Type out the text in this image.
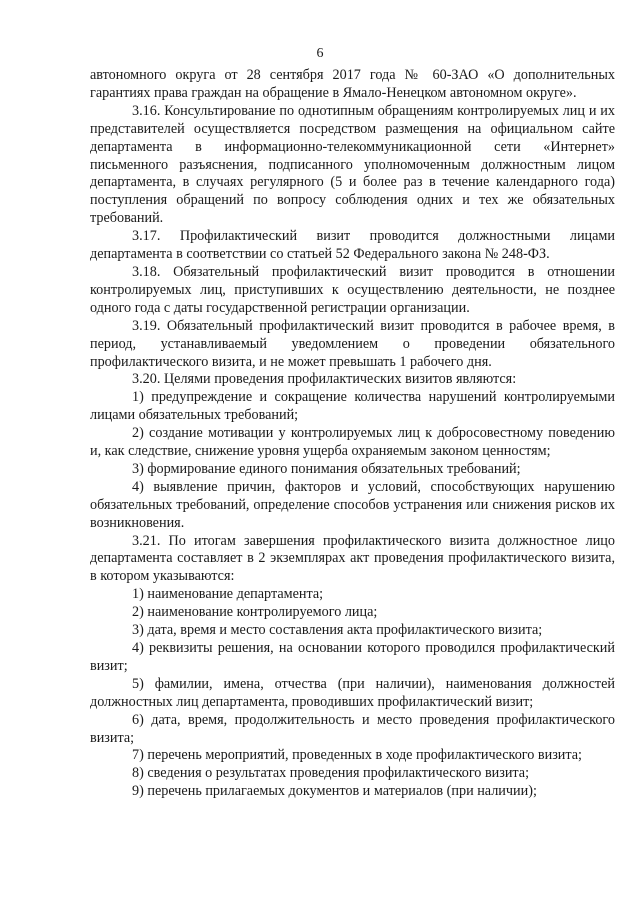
6

автономного округа от 28 сентября 2017 года № 60-ЗАО «О дополнительных гарантиях права граждан на обращение в Ямало-Ненецком автономном округе».

3.16. Консультирование по однотипным обращениям контролируемых лиц и их представителей осуществляется посредством размещения на официальном сайте департамента в информационно-телекоммуникационной сети «Интернет» письменного разъяснения, подписанного уполномоченным должностным лицом департамента, в случаях регулярного (5 и более раз в течение календарного года) поступления обращений по вопросу соблюдения одних и тех же обязательных требований.

3.17. Профилактический визит проводится должностными лицами департамента в соответствии со статьей 52 Федерального закона № 248-ФЗ.

3.18. Обязательный профилактический визит проводится в отношении контролируемых лиц, приступивших к осуществлению деятельности, не позднее одного года с даты государственной регистрации организации.

3.19. Обязательный профилактический визит проводится в рабочее время, в период, устанавливаемый уведомлением о проведении обязательного профилактического визита, и не может превышать 1 рабочего дня.

3.20. Целями проведения профилактических визитов являются:

1) предупреждение и сокращение количества нарушений контролируемыми лицами обязательных требований;

2) создание мотивации у контролируемых лиц к добросовестному поведению и, как следствие, снижение уровня ущерба охраняемым законом ценностям;

3) формирование единого понимания обязательных требований;

4) выявление причин, факторов и условий, способствующих нарушению обязательных требований, определение способов устранения или снижения рисков их возникновения.

3.21. По итогам завершения профилактического визита должностное лицо департамента составляет в 2 экземплярах акт проведения профилактического визита, в котором указываются:

1) наименование департамента;

2) наименование контролируемого лица;

3) дата, время и место составления акта профилактического визита;

4) реквизиты решения, на основании которого проводился профилактический визит;

5) фамилии, имена, отчества (при наличии), наименования должностей должностных лиц департамента, проводивших профилактический визит;

6) дата, время, продолжительность и место проведения профилактического визита;

7) перечень мероприятий, проведенных в ходе профилактического визита;

8) сведения о результатах проведения профилактического визита;

9) перечень прилагаемых документов и материалов (при наличии);
